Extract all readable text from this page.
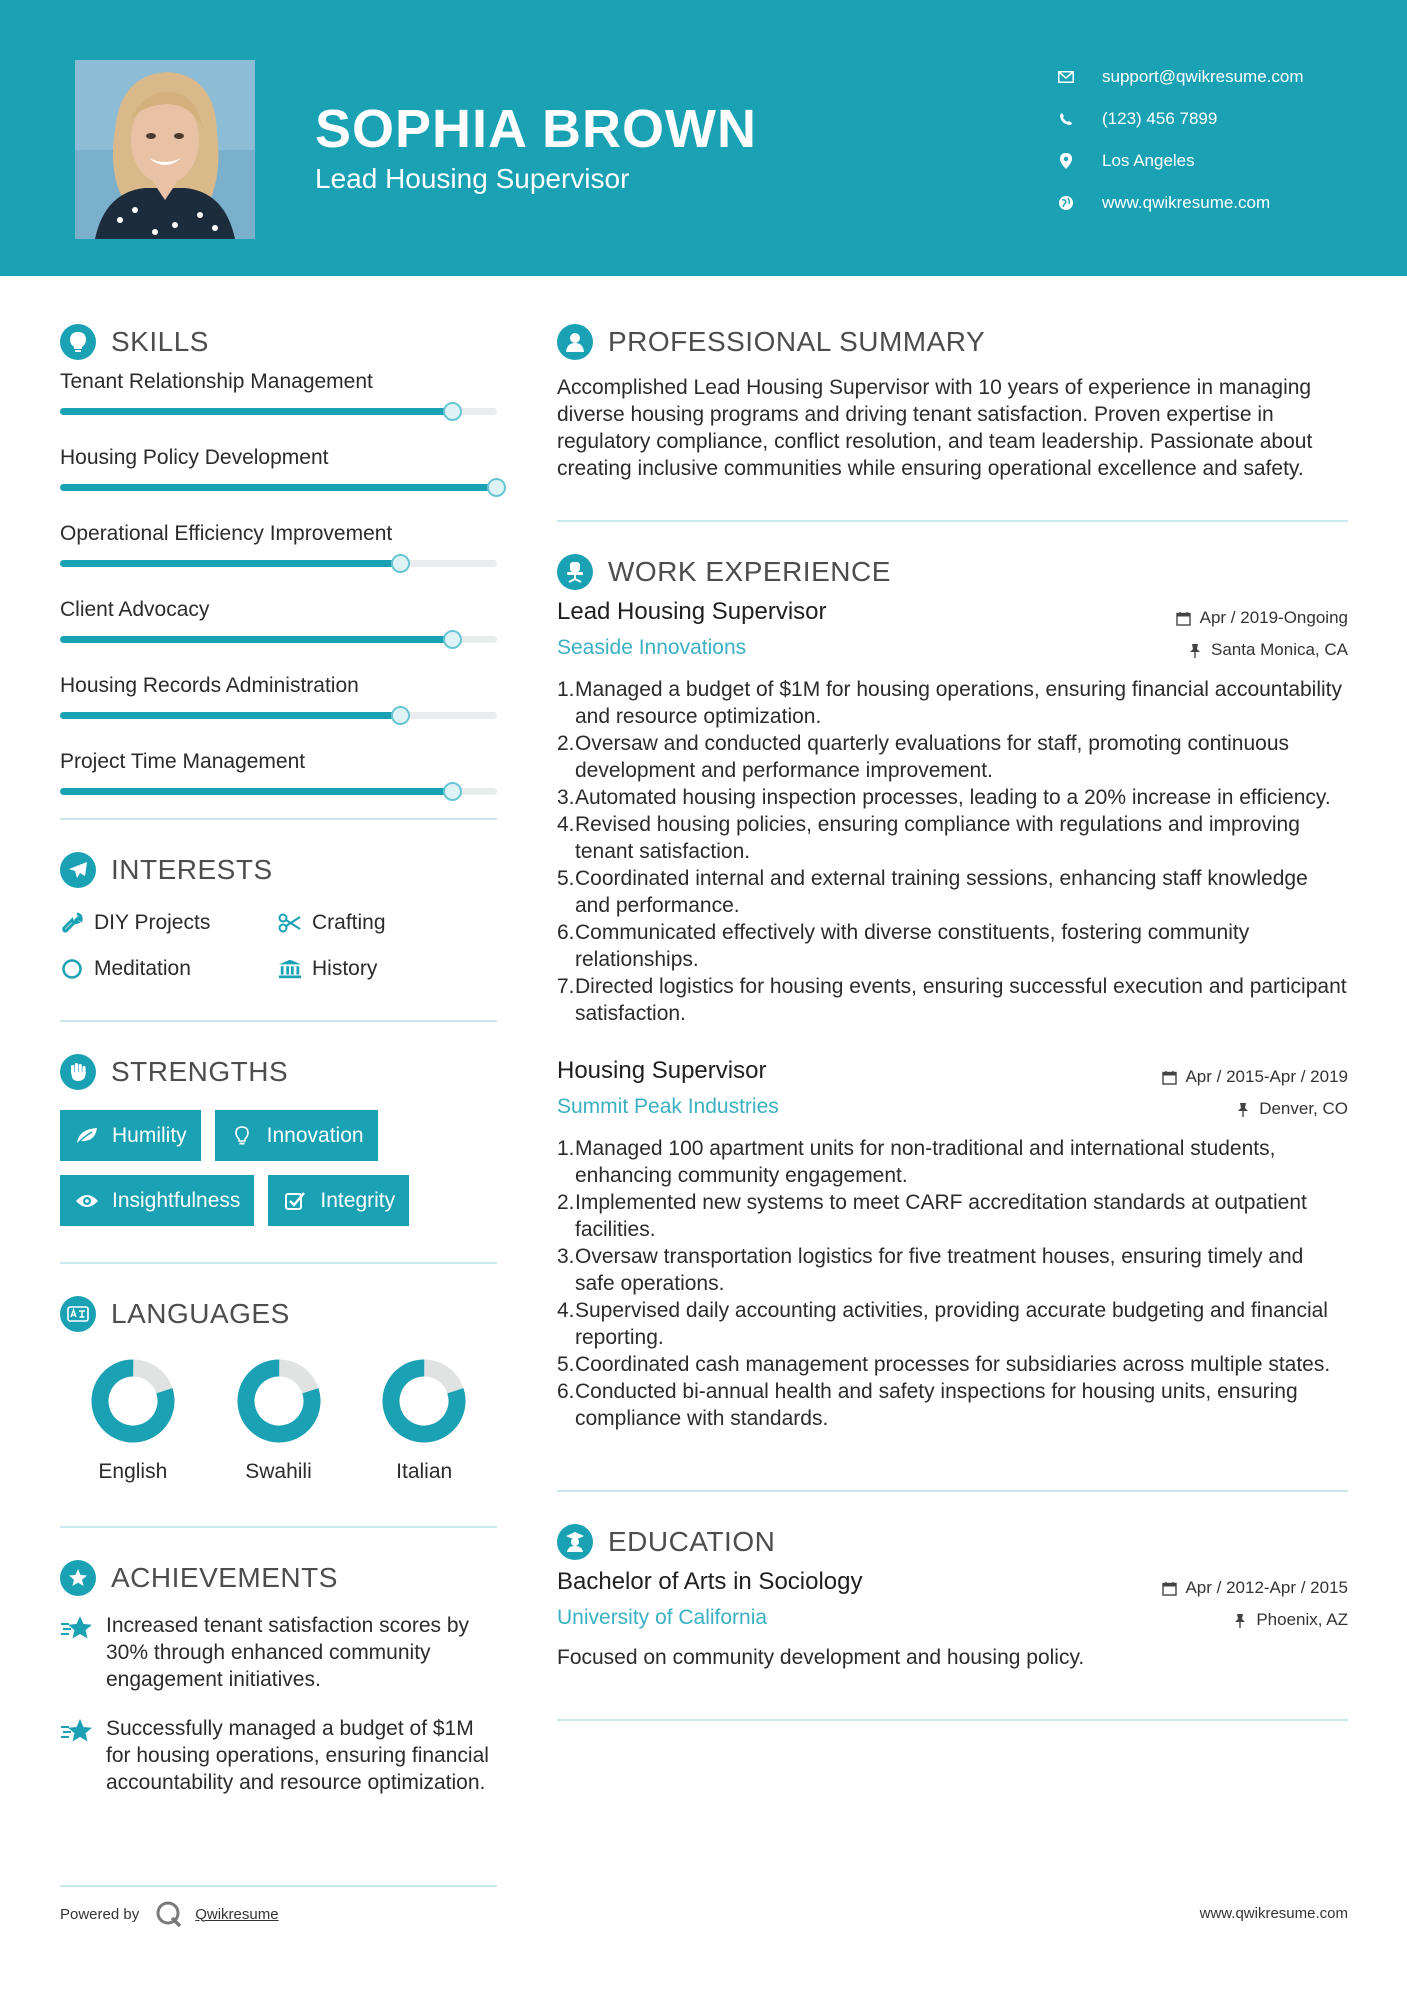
SOPHIA BROWN
Lead Housing Supervisor
support@qwikresume.com
(123) 456 7899
Los Angeles
www.qwikresume.com
SKILLS
Tenant Relationship Management
Housing Policy Development
Operational Efficiency Improvement
Client Advocacy
Housing Records Administration
Project Time Management
INTERESTS
DIY Projects	Crafting
Meditation	History
STRENGTHS
Humility	Innovation
Insightfulness	Integrity
LANGUAGES
English	Swahili	Italian
ACHIEVEMENTS
Increased tenant satisfaction scores by 30% through enhanced community engagement initiatives.
Successfully managed a budget of $1M for housing operations, ensuring financial accountability and resource optimization.
PROFESSIONAL SUMMARY
Accomplished Lead Housing Supervisor with 10 years of experience in managing diverse housing programs and driving tenant satisfaction. Proven expertise in regulatory compliance, conflict resolution, and team leadership. Passionate about creating inclusive communities while ensuring operational excellence and safety.
WORK EXPERIENCE
Lead Housing Supervisor
Seaside Innovations
Apr / 2019-Ongoing
Santa Monica, CA
1. Managed a budget of $1M for housing operations, ensuring financial accountability and resource optimization.
2. Oversaw and conducted quarterly evaluations for staff, promoting continuous development and performance improvement.
3. Automated housing inspection processes, leading to a 20% increase in efficiency.
4. Revised housing policies, ensuring compliance with regulations and improving tenant satisfaction.
5. Coordinated internal and external training sessions, enhancing staff knowledge and performance.
6. Communicated effectively with diverse constituents, fostering community relationships.
7. Directed logistics for housing events, ensuring successful execution and participant satisfaction.
Housing Supervisor
Summit Peak Industries
Apr / 2015-Apr / 2019
Denver, CO
1. Managed 100 apartment units for non-traditional and international students, enhancing community engagement.
2. Implemented new systems to meet CARF accreditation standards at outpatient facilities.
3. Oversaw transportation logistics for five treatment houses, ensuring timely and safe operations.
4. Supervised daily accounting activities, providing accurate budgeting and financial reporting.
5. Coordinated cash management processes for subsidiaries across multiple states.
6. Conducted bi-annual health and safety inspections for housing units, ensuring compliance with standards.
EDUCATION
Bachelor of Arts in Sociology
University of California
Apr / 2012-Apr / 2015
Phoenix, AZ
Focused on community development and housing policy.
Powered by	Qwikresume	www.qwikresume.com
